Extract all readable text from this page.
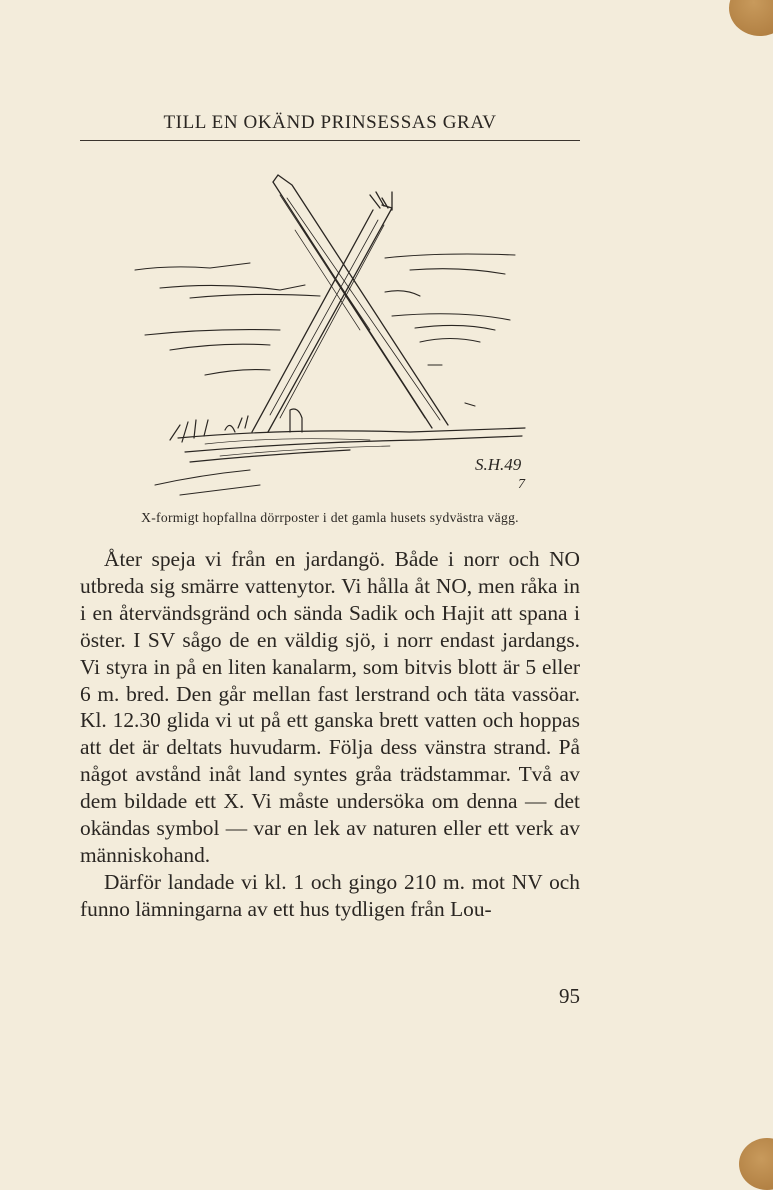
TILL EN OKÄND PRINSESSAS GRAV
S.H.49
7
X-formigt hopfallna dörrposter i det gamla husets sydvästra vägg.

Åter speja vi från en jardangö. Både i norr och NO utbreda sig smärre vattenytor. Vi hålla åt NO, men råka in i en återvändsgränd och sända Sadik och Hajit att spana i öster. I SV sågo de en väldig sjö, i norr endast jardangs. Vi styra in på en liten kanalarm, som bitvis blott är 5 eller 6 m. bred. Den går mellan fast lerstrand och täta vassöar. Kl. 12.30 glida vi ut på ett ganska brett vatten och hoppas att det är deltats huvudarm. Följa dess vänstra strand. På något avstånd inåt land syntes gråa trädstammar. Två av dem bildade ett X. Vi måste undersöka om denna — det okändas symbol — var en lek av naturen eller ett verk av människohand.

Därför landade vi kl. 1 och gingo 210 m. mot NV och funno lämningarna av ett hus tydligen från Lou-

95
